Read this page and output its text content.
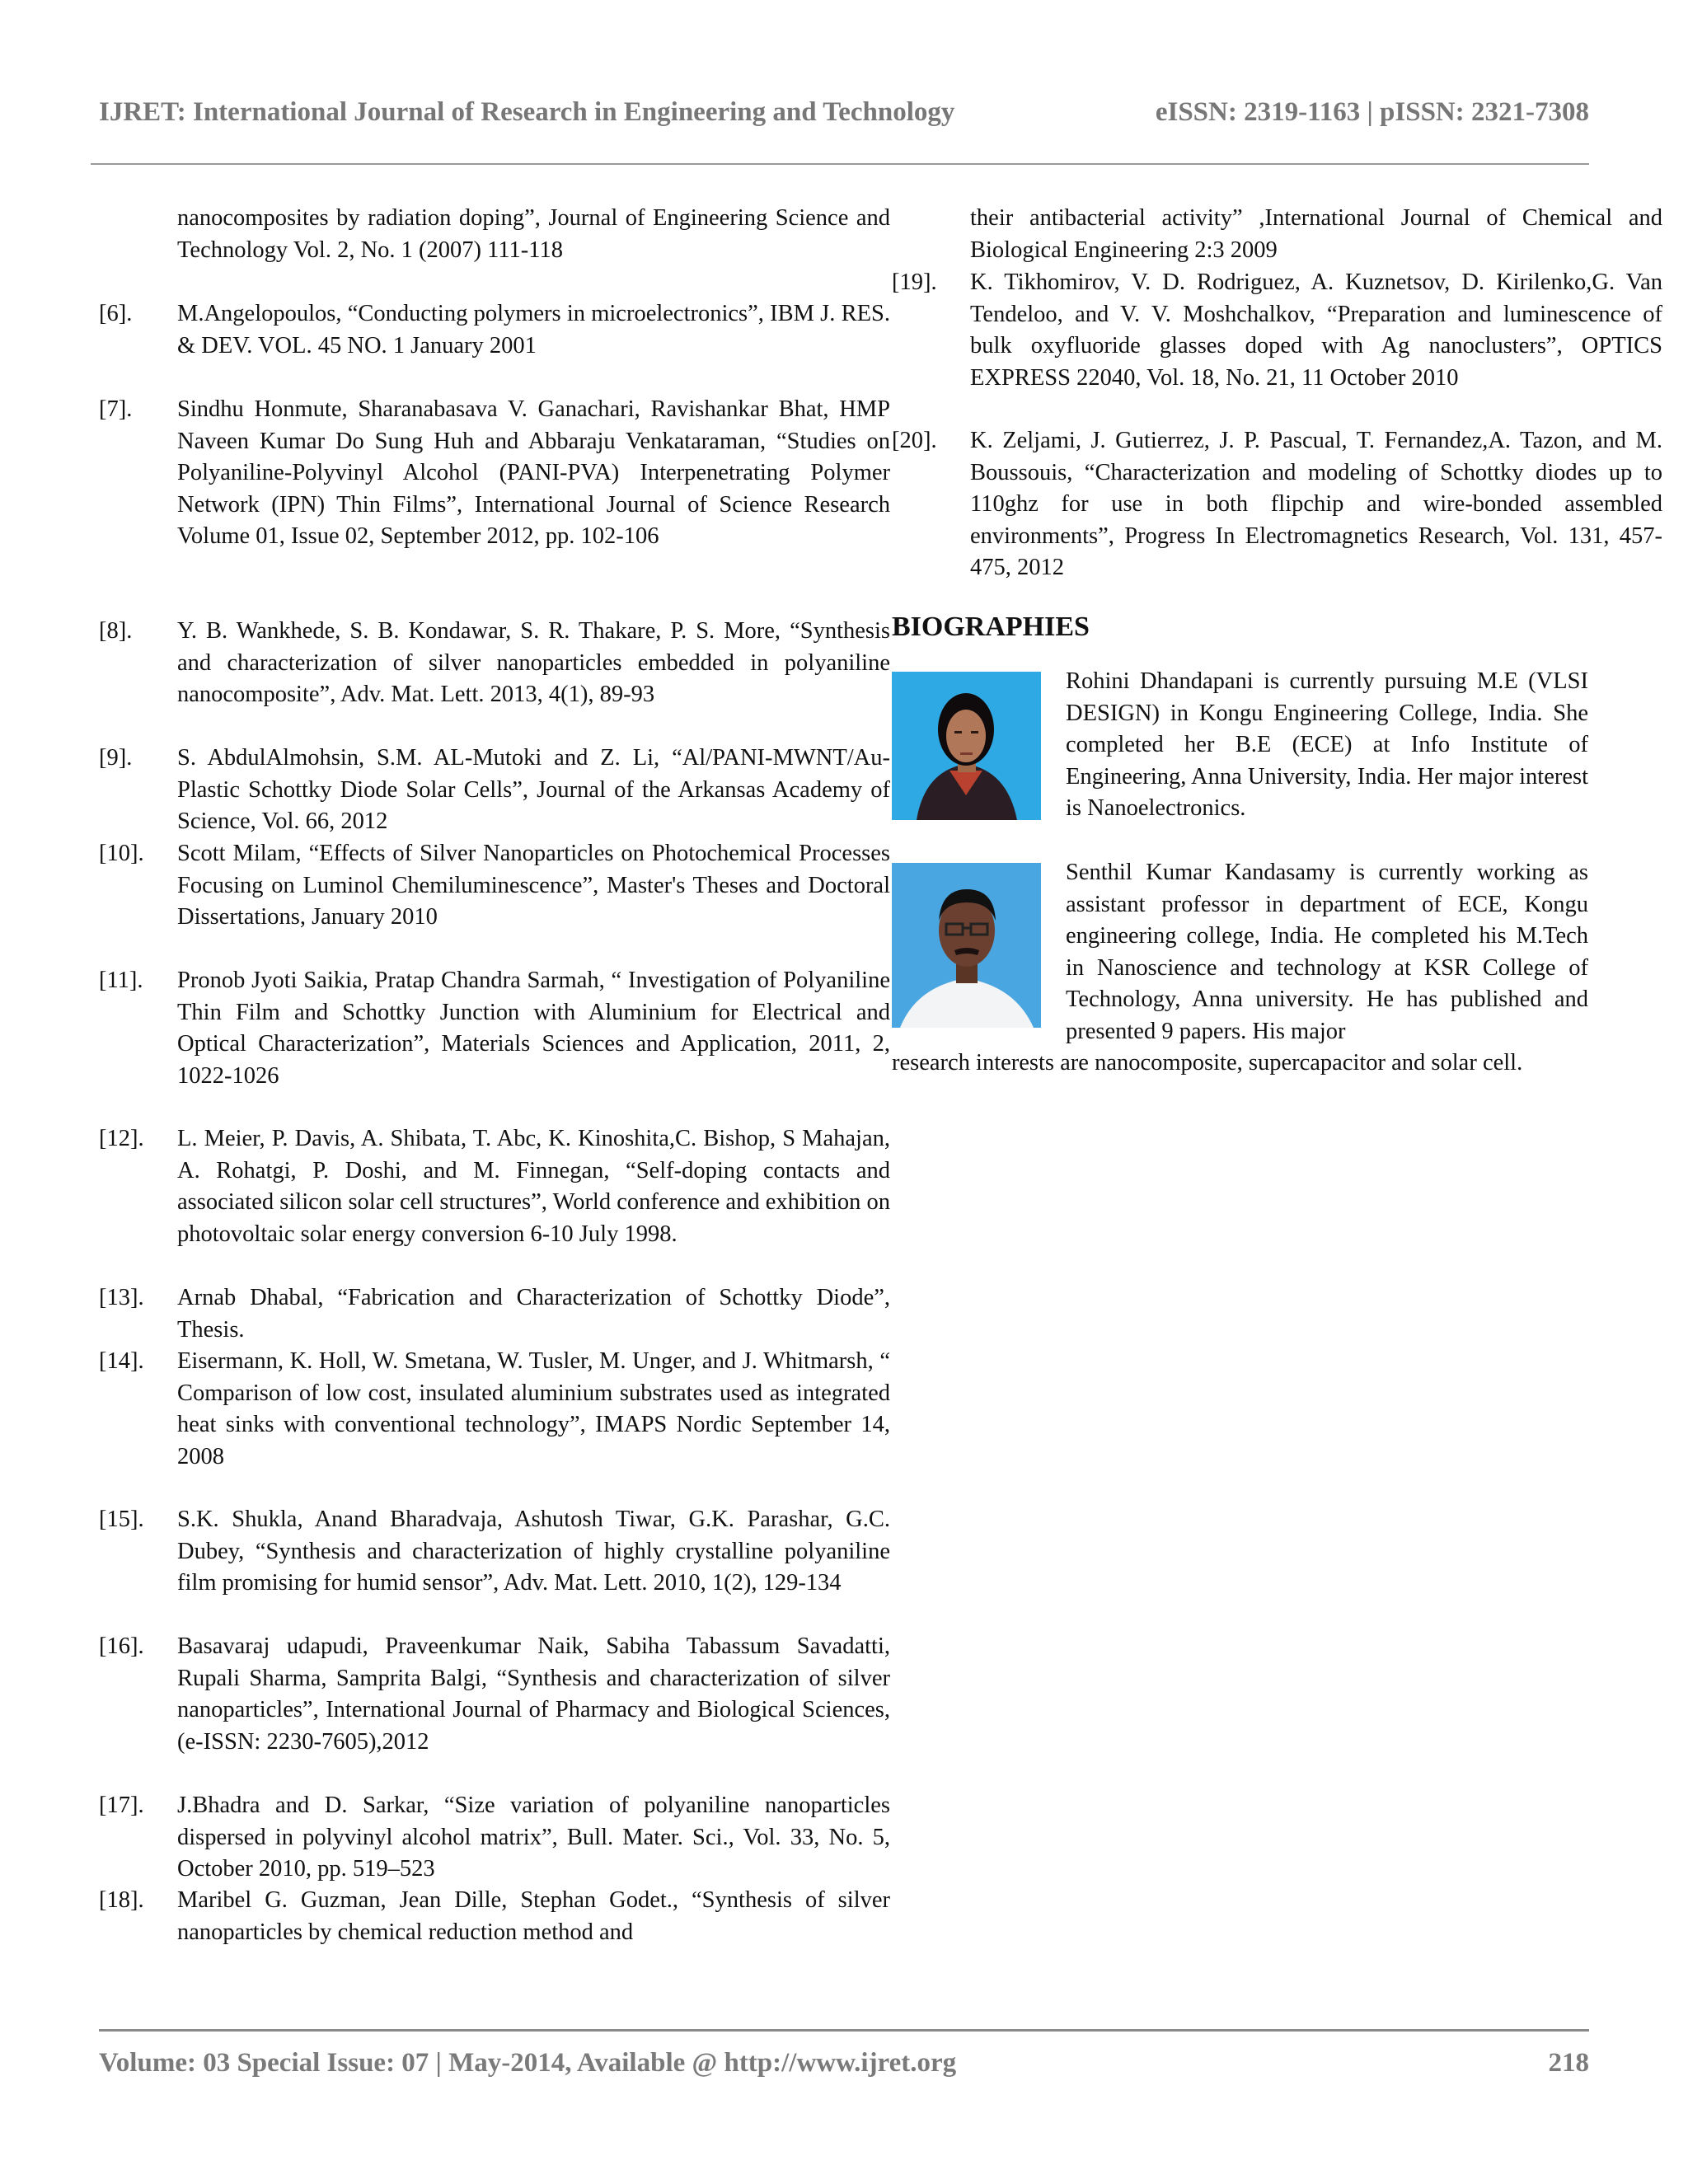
IJRET: International Journal of Research in Engineering and Technology	eISSN: 2319-1163 | pISSN: 2321-7308
nanocomposites by radiation doping”, Journal of Engineering Science and Technology Vol. 2, No. 1 (2007) 111-118
[6]. M.Angelopoulos, “Conducting polymers in microelectronics”, IBM J. RES. & DEV. VOL. 45 NO. 1 January 2001
[7]. Sindhu Honmute, Sharanabasava V. Ganachari, Ravishankar Bhat, HMP Naveen Kumar Do Sung Huh and Abbaraju Venkataraman, “Studies on Polyaniline-Polyvinyl Alcohol (PANI-PVA) Interpenetrating Polymer Network (IPN) Thin Films”, International Journal of Science Research Volume 01, Issue 02, September 2012, pp. 102-106
[8]. Y. B. Wankhede, S. B. Kondawar, S. R. Thakare, P. S. More, “Synthesis and characterization of silver nanoparticles embedded in polyaniline nanocomposite”, Adv. Mat. Lett. 2013, 4(1), 89-93
[9]. S. AbdulAlmohsin, S.M. AL-Mutoki and Z. Li, “Al/PANI-MWNT/Au-Plastic Schottky Diode Solar Cells”, Journal of the Arkansas Academy of Science, Vol. 66, 2012
[10]. Scott Milam, “Effects of Silver Nanoparticles on Photochemical Processes Focusing on Luminol Chemiluminescence”, Master's Theses and Doctoral Dissertations, January 2010
[11]. Pronob Jyoti Saikia, Pratap Chandra Sarmah, “ Investigation of Polyaniline Thin Film and Schottky Junction with Aluminium for Electrical and Optical Characterization”, Materials Sciences and Application, 2011, 2, 1022-1026
[12]. L. Meier, P. Davis, A. Shibata, T. Abc, K. Kinoshita,C. Bishop, S Mahajan, A. Rohatgi, P. Doshi, and M. Finnegan, “Self-doping contacts and associated silicon solar cell structures”, World conference and exhibition on photovoltaic solar energy conversion 6-10 July 1998.
[13]. Arnab Dhabal, “Fabrication and Characterization of Schottky Diode”, Thesis.
[14]. Eisermann, K. Holl, W. Smetana, W. Tusler, M. Unger, and J. Whitmarsh, “ Comparison of low cost, insulated aluminium substrates used as integrated heat sinks with conventional technology”, IMAPS Nordic September 14, 2008
[15]. S.K. Shukla, Anand Bharadvaja, Ashutosh Tiwar, G.K. Parashar, G.C. Dubey, “Synthesis and characterization of highly crystalline polyaniline film promising for humid sensor”, Adv. Mat. Lett. 2010, 1(2), 129-134
[16]. Basavaraj udapudi, Praveenkumar Naik, Sabiha Tabassum Savadatti, Rupali Sharma, Samprita Balgi, “Synthesis and characterization of silver nanoparticles”, International Journal of Pharmacy and Biological Sciences, (e-ISSN: 2230-7605),2012
[17]. J.Bhadra and D. Sarkar, “Size variation of polyaniline nanoparticles dispersed in polyvinyl alcohol matrix”, Bull. Mater. Sci., Vol. 33, No. 5, October 2010, pp. 519–523
[18]. Maribel G. Guzman, Jean Dille, Stephan Godet., “Synthesis of silver nanoparticles by chemical reduction method and
their antibacterial activity” ,International Journal of Chemical and Biological Engineering 2:3 2009
[19]. K. Tikhomirov, V. D. Rodriguez, A. Kuznetsov, D. Kirilenko,G. Van Tendeloo, and V. V. Moshchalkov, “Preparation and luminescence of bulk oxyfluoride glasses doped with Ag nanoclusters”, OPTICS EXPRESS 22040, Vol. 18, No. 21, 11 October 2010
[20]. K. Zeljami, J. Gutierrez, J. P. Pascual, T. Fernandez,A. Tazon, and M. Boussouis, “Characterization and modeling of Schottky diodes up to 110ghz for use in both flipchip and wire-bonded assembled environments”, Progress In Electromagnetics Research, Vol. 131, 457-475, 2012
BIOGRAPHIES
Rohini Dhandapani is currently pursuing M.E (VLSI DESIGN) in Kongu Engineering College, India. She completed her B.E (ECE) at Info Institute of Engineering, Anna University, India. Her major interest is Nanoelectronics.
Senthil Kumar Kandasamy is currently working as assistant professor in department of ECE, Kongu engineering college, India. He completed his M.Tech in Nanoscience and technology at KSR College of Technology, Anna university. He has published and presented 9 papers. His major
research interests are nanocomposite, supercapacitor and solar cell.
Volume: 03 Special Issue: 07 | May-2014, Available @ http://www.ijret.org	218
